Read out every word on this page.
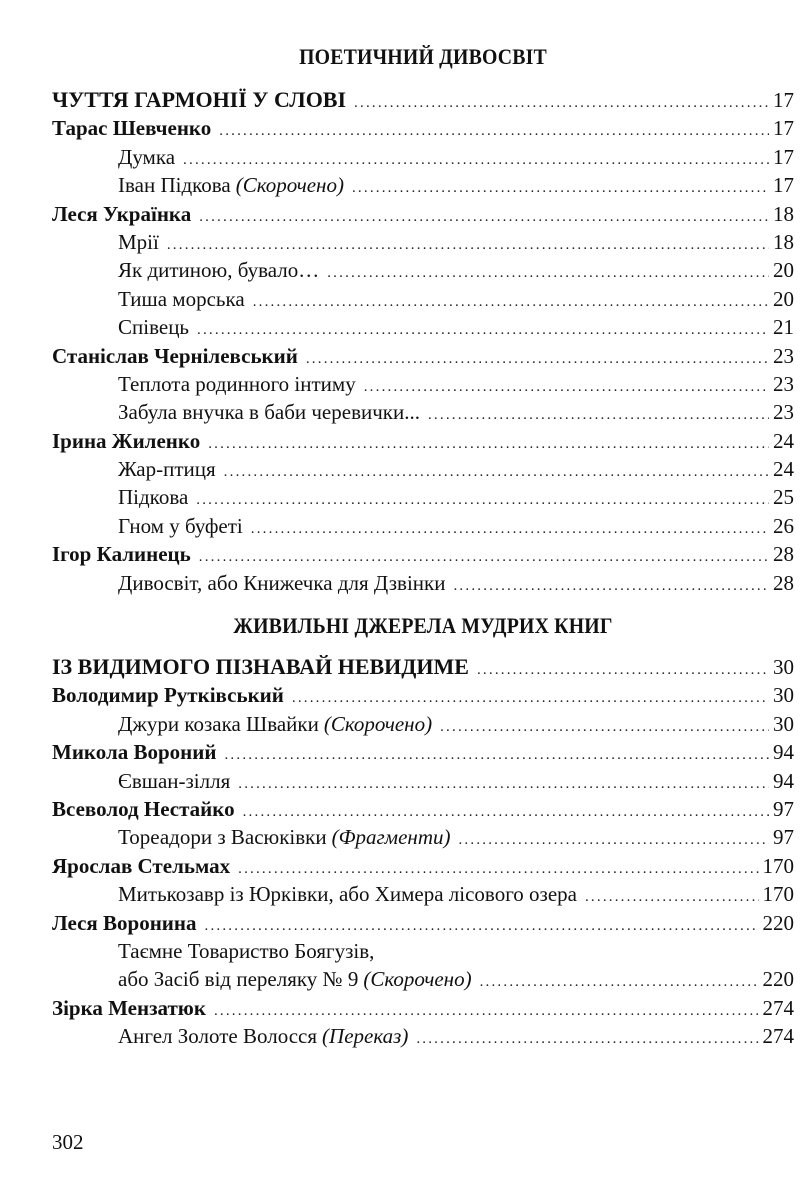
ПОЕТИЧНИЙ ДИВОСВІТ
ЧУТТЯ ГАРМОНІЇ У СЛОВІ .....	17
Тарас Шевченко .....	17
Думка .....	17
Іван Підкова (Скорочено) .....	17
Леся Українка .....	18
Мрії .....	18
Як дитиною, бувало… .....	20
Тиша морська .....	20
Співець .....	21
Станіслав Чернілевський .....	23
Теплота родинного інтиму .....	23
Забула внучка в баби черевички... .....	23
Ірина Жиленко .....	24
Жар-птиця .....	24
Підкова .....	25
Гном у буфеті .....	26
Ігор Калинець .....	28
Дивосвіт, або Книжечка для Дзвінки .....	28
ЖИВИЛЬНІ ДЖЕРЕЛА МУДРИХ КНИГ
ІЗ ВИДИМОГО ПІЗНАВАЙ НЕВИДИМЕ .....	30
Володимир Рутківський .....	30
Джури козака Швайки (Скорочено) .....	30
Микола Вороний .....	94
Євшан-зілля .....	94
Всеволод Нестайко .....	97
Тореадори з Васюківки (Фрагменти) .....	97
Ярослав Стельмах .....	170
Митькозавр із Юрківки, або Химера лісового озера .....	170
Леся Воронина .....	220
Таємне Товариство Боягузів,
або Засіб від переляку № 9 (Скорочено) .....	220
Зірка Мензатюк .....	274
Ангел Золоте Волосся (Переказ) .....	274
302
